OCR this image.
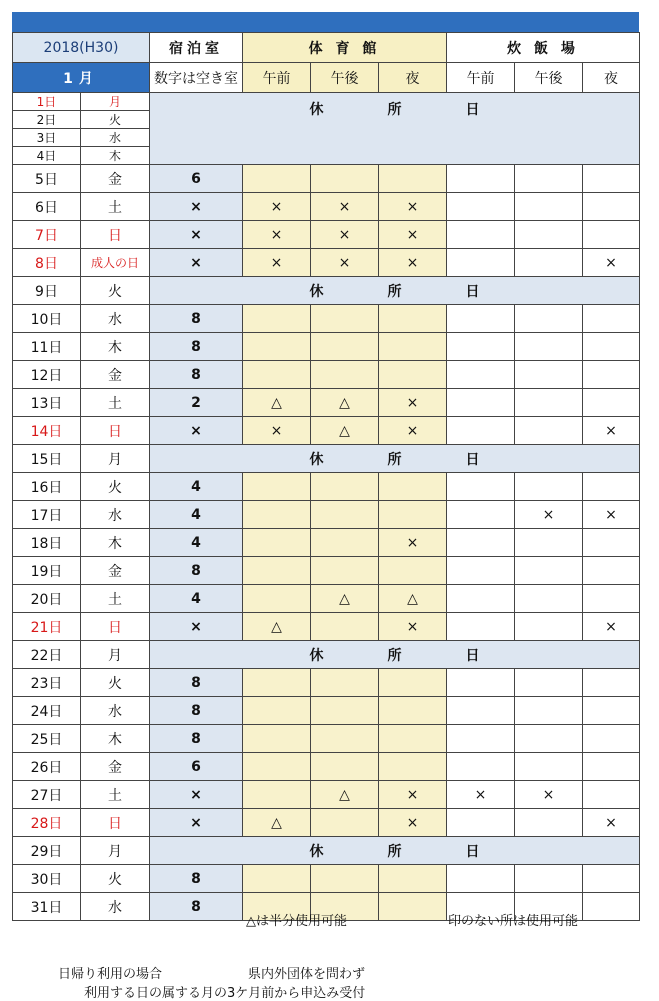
2018(H30)		宿泊室	体 育 館			炊 飯 場		
1月		数字は空き室	午前	午後	夜	午前	午後	夜
1日	月	休 所 日						

2日	火							
3日	水							
4日	木							
5日	金	6						
6日	土	×	×	×	×			
7日	日	×	×	×	×			
8日	成人の日	×	×	×	×			×
9日	火	休 所 日						

10日	水	8						
11日	木	8						
12日	金	8						
13日	土	2	△	△	×			
14日	日	×	×	△	×			×
15日	月	休 所 日						

16日	火	4						
17日	水	4					×	×
18日	木	4			×			
19日	金	8						
20日	土	4		△	△			
21日	日	×	△		×			×
22日	月	休 所 日						

23日	火	8						
24日	水	8						
25日	木	8						
26日	金	6						
27日	土	×		△	×	×	×	
28日	日	×	△		×			×
29日	月	休 所 日						

30日	火	8						
31日	水	8						
△は半分使用可能	印のない所は使用可能
日帰り利用の場合	県内外団体を問わず
利用する日の属する月の3ケ月前から申込み受付
